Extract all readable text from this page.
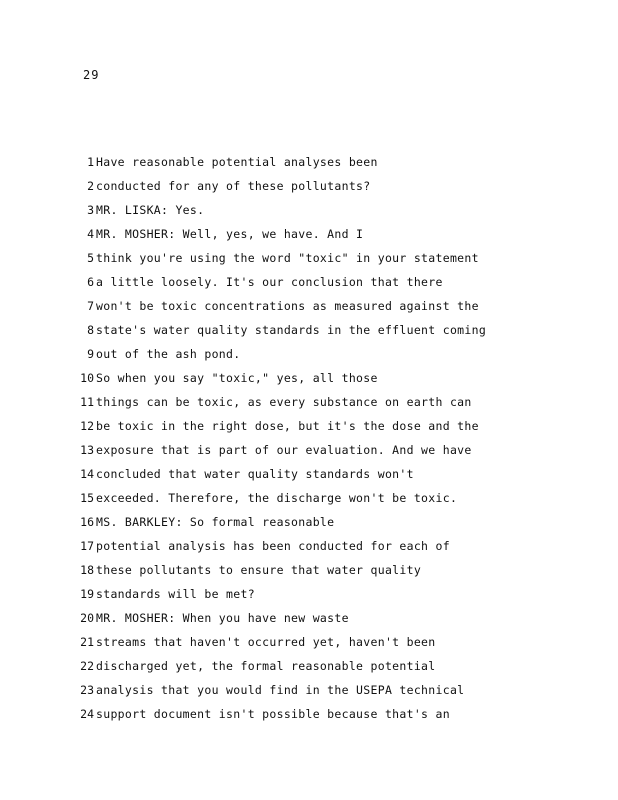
29
1 Have reasonable potential analyses been
2 conducted for any of these pollutants?
3 MR. LISKA: Yes.
4 MR. MOSHER: Well, yes, we have. And I
5 think you're using the word "toxic" in your statement
6 a little loosely. It's our conclusion that there
7 won't be toxic concentrations as measured against the
8 state's water quality standards in the effluent coming
9 out of the ash pond.
10 So when you say "toxic," yes, all those
11 things can be toxic, as every substance on earth can
12 be toxic in the right dose, but it's the dose and the
13 exposure that is part of our evaluation. And we have
14 concluded that water quality standards won't
15 exceeded. Therefore, the discharge won't be toxic.
16 MS. BARKLEY: So formal reasonable
17 potential analysis has been conducted for each of
18 these pollutants to ensure that water quality
19 standards will be met?
20 MR. MOSHER: When you have new waste
21 streams that haven't occurred yet, haven't been
22 discharged yet, the formal reasonable potential
23 analysis that you would find in the USEPA technical
24 support document isn't possible because that's an
